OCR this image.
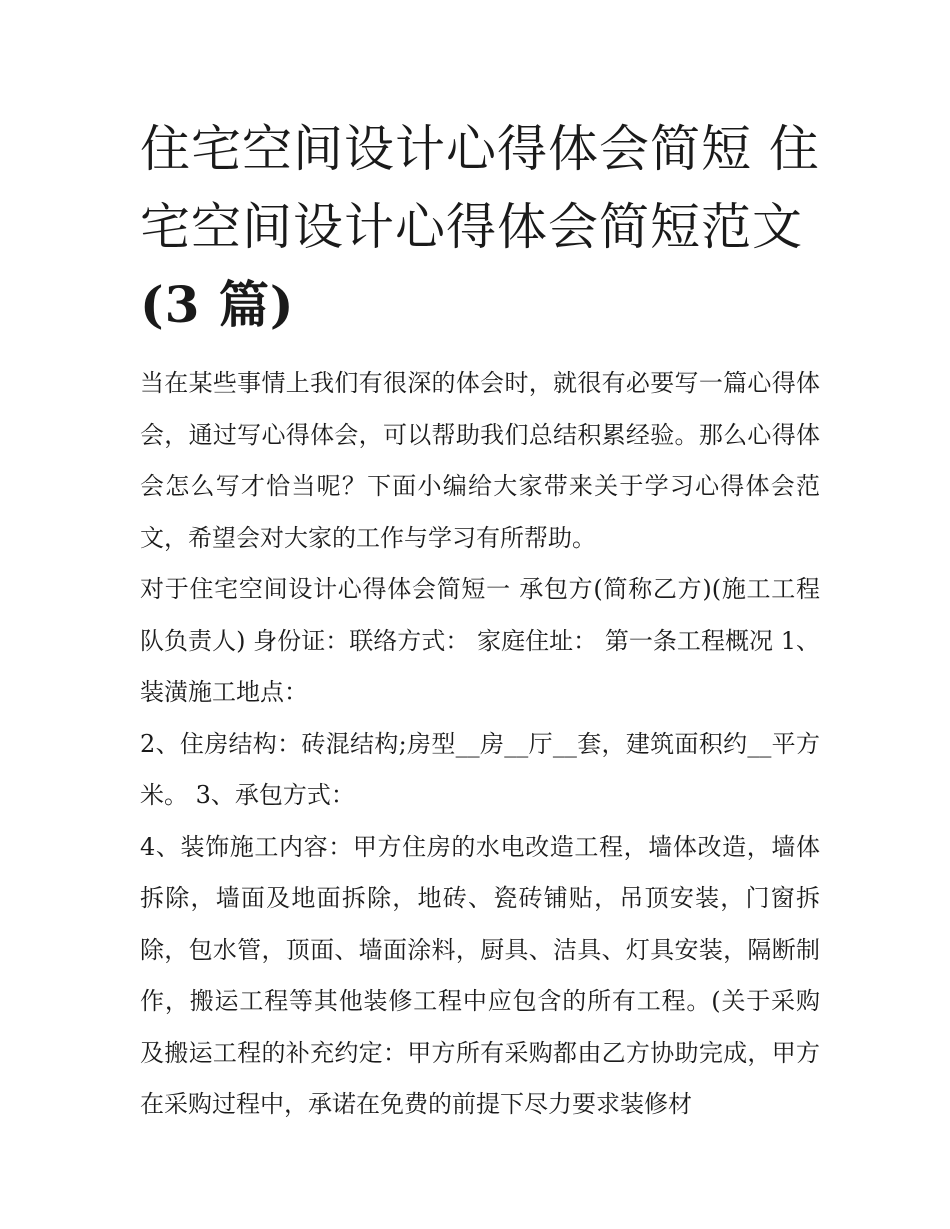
住宅空间设计心得体会简短 住宅空间设计心得体会简短范文
(3 篇)

当在某些事情上我们有很深的体会时，就很有必要写一篇心得体会，通过写心得体会，可以帮助我们总结积累经验。那么心得体会怎么写才恰当呢？下面小编给大家带来关于学习心得体会范文，希望会对大家的工作与学习有所帮助。

对于住宅空间设计心得体会简短一 承包方(简称乙方)(施工工程队负责人) 身份证：联络方式： 家庭住址： 第一条工程概况 1、装潢施工地点：

2、住房结构：砖混结构;房型__房__厅__套，建筑面积约__平方米。 3、承包方式：

4、装饰施工内容：甲方住房的水电改造工程，墙体改造，墙体拆除，墙面及地面拆除，地砖、瓷砖铺贴，吊顶安装，门窗拆除，包水管，顶面、墙面涂料，厨具、洁具、灯具安装，隔断制作，搬运工程等其他装修工程中应包含的所有工程。(关于采购及搬运工程的补充约定：甲方所有采购都由乙方协助完成，甲方在采购过程中，承诺在免费的前提下尽力要求装修材
